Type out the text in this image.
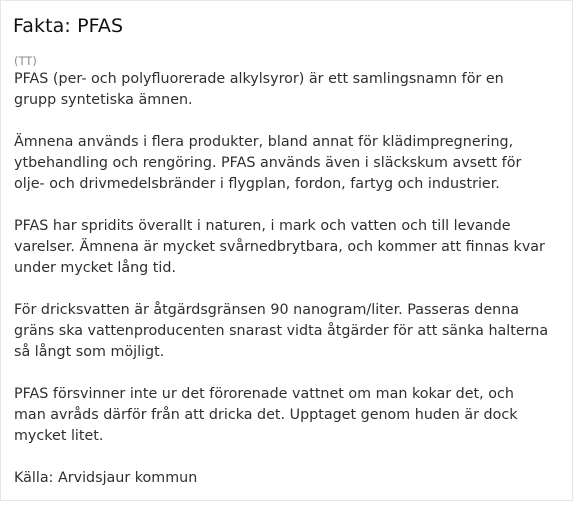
Fakta: PFAS
(TT)

PFAS (per- och polyfluorerade alkylsyror) är ett samlingsnamn för en
grupp syntetiska ämnen.

Ämnena används i flera produkter, bland annat för klädimpregnering,
ytbehandling och rengöring. PFAS används även i släckskum avsett för
olje- och drivmedelsbränder i flygplan, fordon, fartyg och industrier.

PFAS har spridits överallt i naturen, i mark och vatten och till levande
varelser. Ämnena är mycket svårnedbrytbara, och kommer att finnas kvar
under mycket lång tid.

För dricksvatten är åtgärdsgränsen 90 nanogram/liter. Passeras denna
gräns ska vattenproducenten snarast vidta åtgärder för att sänka halterna
så långt som möjligt.

PFAS försvinner inte ur det förorenade vattnet om man kokar det, och
man avråds därför från att dricka det. Upptaget genom huden är dock
mycket litet.

Källa: Arvidsjaur kommun
